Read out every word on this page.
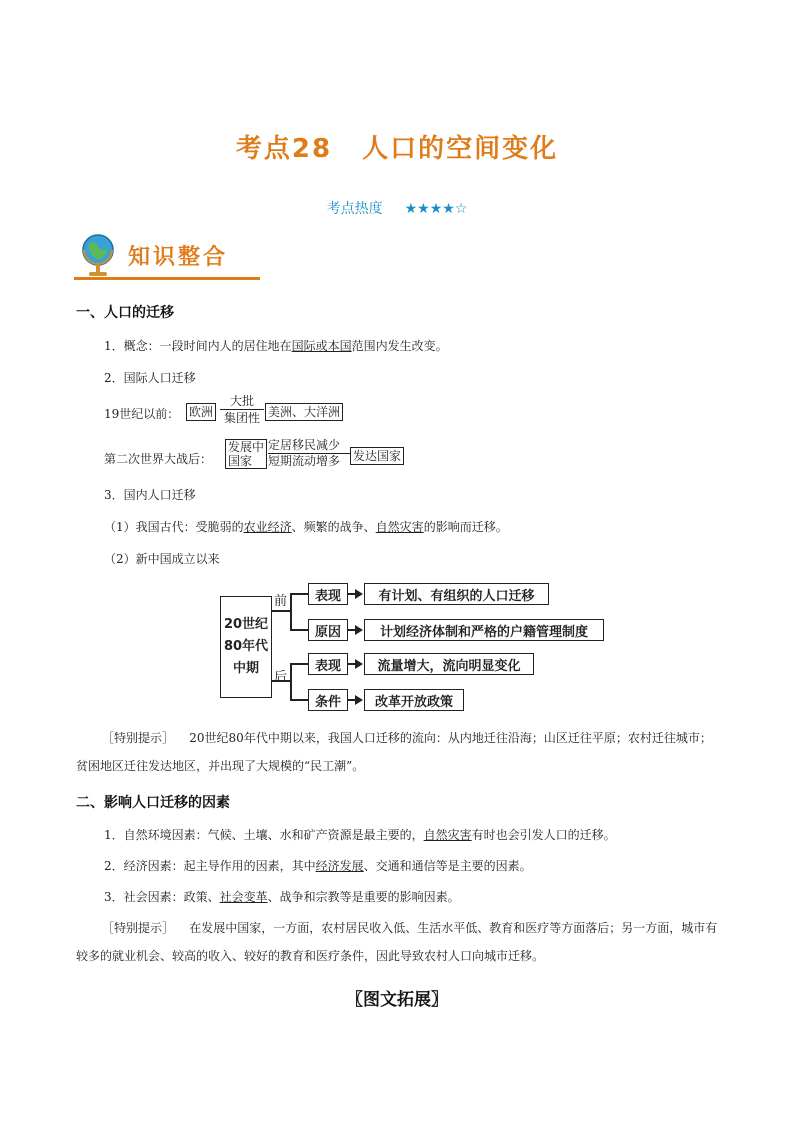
考点28 人口的空间变化
考点热度 ★★★★☆
知识整合
一、人口的迁移
1．概念：一段时间内人的居住地在国际或本国范围内发生改变。
2．国际人口迁移
19世纪以前： 欧洲
大批
集团性 美洲、大洋洲
第二次世界大战后：
发展中
国家
定居移民减少
短期流动增多	发达国家
3．国内人口迁移
（1）我国古代：受脆弱的农业经济、频繁的战争、自然灾害的影响而迁移。
（2）新中国成立以来
20世纪
80年代
中期
前
后
表现	有计划、有组织的人口迁移
原因	计划经济体制和严格的户籍管理制度
表现	流量增大，流向明显变化
条件	改革开放政策
［特别提示］ 20世纪80年代中期以来，我国人口迁移的流向：从内地迁往沿海；山区迁往平原；农村迁往城市；贫困地区迁往发达地区，并出现了大规模的“民工潮”。
二、影响人口迁移的因素
1．自然环境因素：气候、土壤、水和矿产资源是最主要的，自然灾害有时也会引发人口的迁移。
2．经济因素：起主导作用的因素，其中经济发展、交通和通信等是主要的因素。
3．社会因素：政策、社会变革、战争和宗教等是重要的影响因素。
［特别提示］ 在发展中国家，一方面，农村居民收入低、生活水平低、教育和医疗等方面落后；另一方面，城市有较多的就业机会、较高的收入、较好的教育和医疗条件，因此导致农村人口向城市迁移。
〖图文拓展〗
